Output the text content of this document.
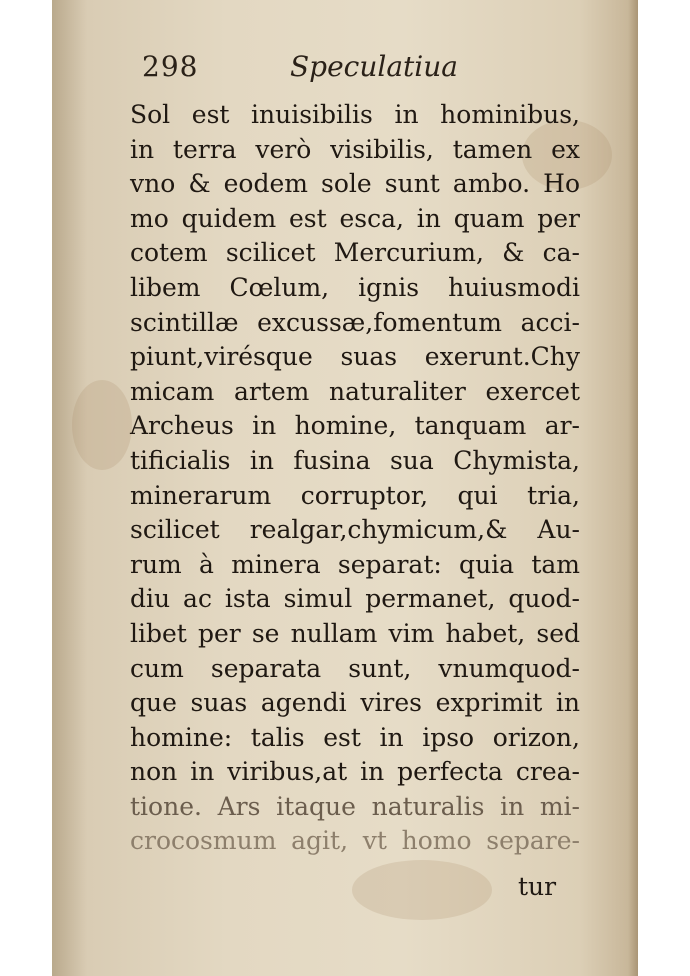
298	Speculatiua
Sol est inuisibilis in hominibus,
in terra verò visibilis, tamen ex
vno & eodem sole sunt ambo. Ho
mo quidem est esca, in quam per
cotem scilicet Mercurium, & ca-
libem Cœlum, ignis huiusmodi
scintillæ excussæ,fomentum acci-
piunt,virésque suas exerunt.Chy
micam artem naturaliter exercet
Archeus in homine, tanquam ar-
tificialis in fusina sua Chymista,
minerarum corruptor, qui tria,
scilicet realgar,chymicum,& Au-
rum à minera separat: quia tam
diu ac ista simul permanet, quod-
libet per se nullam vim habet, sed
cum separata sunt, vnumquod-
que suas agendi vires exprimit in
homine: talis est in ipso orizon,
non in viribus,at in perfecta crea-
tione. Ars itaque naturalis in mi-
crocosmum agit, vt homo separe-
tur
